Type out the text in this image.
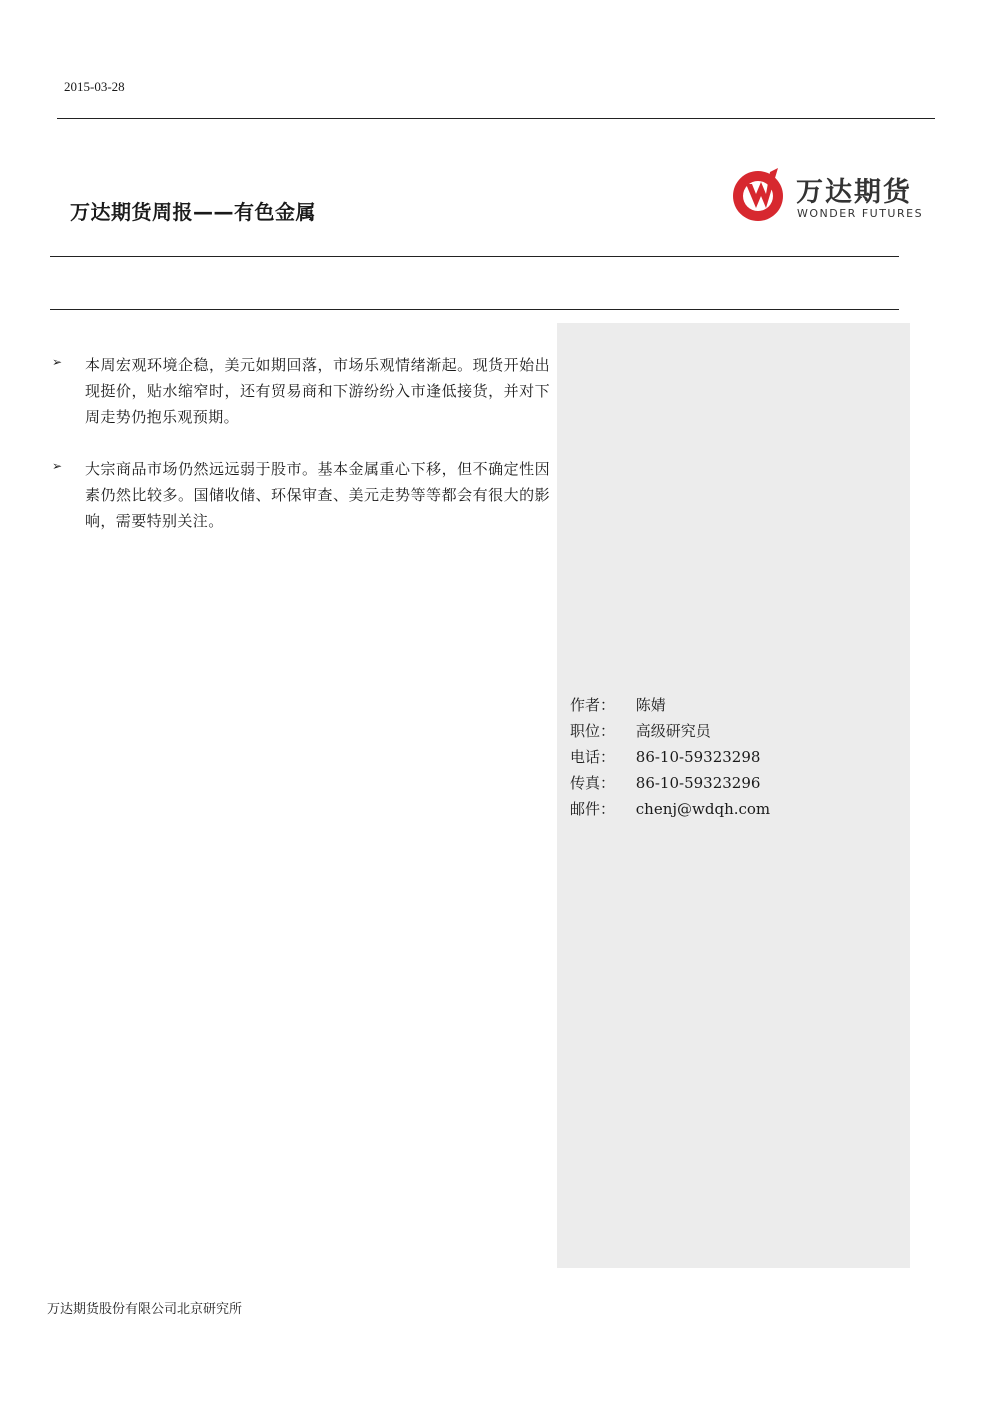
2015-03-28
万达期货周报——有色金属
万达期货
WONDER FUTURES
➢ 本周宏观环境企稳，美元如期回落，市场乐观情绪渐起。现货开始出现挺价，贴水缩窄时，还有贸易商和下游纷纷入市逢低接货，并对下周走势仍抱乐观预期。
➢ 大宗商品市场仍然远远弱于股市。基本金属重心下移，但不确定性因素仍然比较多。国储收储、环保审查、美元走势等等都会有很大的影响，需要特别关注。
作者： 陈婧
职位： 高级研究员
电话： 86-10-59323298
传真： 86-10-59323296
邮件： chenj@wdqh.com
万达期货股份有限公司北京研究所
